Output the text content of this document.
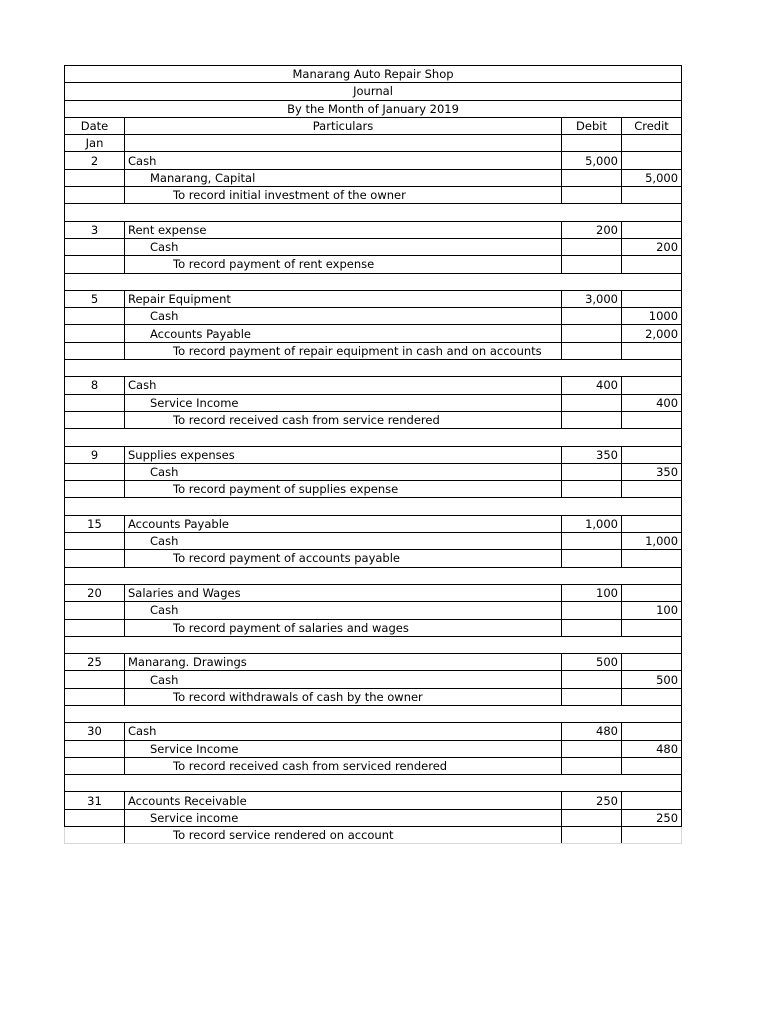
Manarang Auto Repair Shop			
Journal			
By the Month of January 2019			
Date	Particulars	Debit	Credit
Jan			
2	Cash	5,000	
	Manarang, Capital		5,000
	To record initial investment of the owner		

3	Rent expense	200	
	Cash		200
	To record payment of rent expense		

5	Repair Equipment	3,000	
	Cash		1000
	Accounts Payable		2,000
	To record payment of repair equipment in cash and on accounts		

8	Cash	400	
	Service Income		400
	To record received cash from service rendered		

9	Supplies expenses	350	
	Cash		350
	To record payment of supplies expense		

15	Accounts Payable	1,000	
	Cash		1,000
	To record payment of accounts payable		

20	Salaries and Wages	100	
	Cash		100
	To record payment of salaries and wages		

25	Manarang. Drawings	500	
	Cash		500
	To record withdrawals of cash by the owner		

30	Cash	480	
	Service Income		480
	To record received cash from serviced rendered		

31	Accounts Receivable	250	
	Service income		250
	To record service rendered on account		
